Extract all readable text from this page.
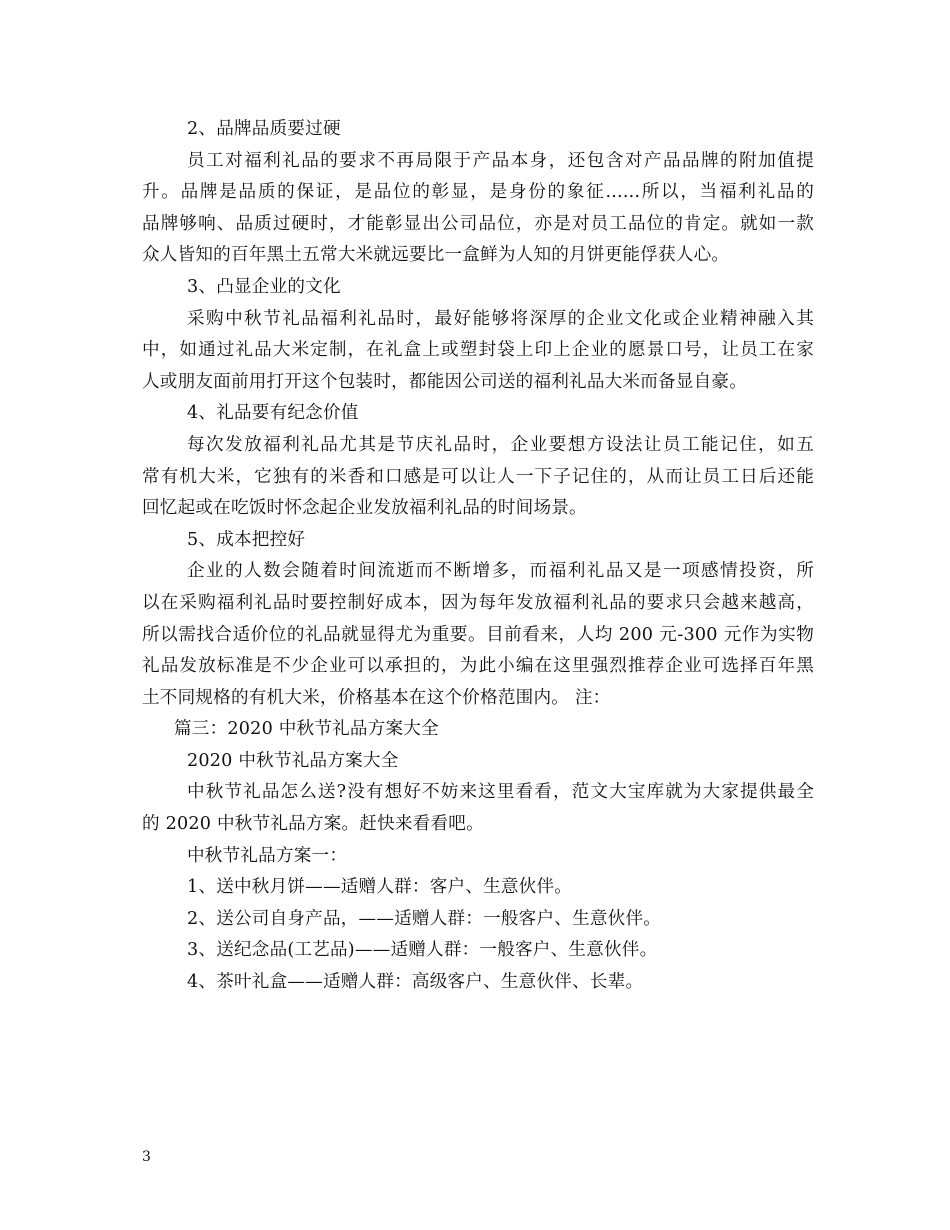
2、品牌品质要过硬
员工对福利礼品的要求不再局限于产品本身，还包含对产品品牌的附加值提
升。品牌是品质的保证，是品位的彰显，是身份的象征......所以，当福利礼品的
品牌够响、品质过硬时，才能彰显出公司品位，亦是对员工品位的肯定。就如一款
众人皆知的百年黑土五常大米就远要比一盒鲜为人知的月饼更能俘获人心。
3、凸显企业的文化
采购中秋节礼品福利礼品时，最好能够将深厚的企业文化或企业精神融入其
中，如通过礼品大米定制，在礼盒上或塑封袋上印上企业的愿景口号，让员工在家
人或朋友面前用打开这个包装时，都能因公司送的福利礼品大米而备显自豪。
4、礼品要有纪念价值
每次发放福利礼品尤其是节庆礼品时，企业要想方设法让员工能记住，如五
常有机大米，它独有的米香和口感是可以让人一下子记住的，从而让员工日后还能
回忆起或在吃饭时怀念起企业发放福利礼品的时间场景。
5、成本把控好
企业的人数会随着时间流逝而不断增多，而福利礼品又是一项感情投资，所
以在采购福利礼品时要控制好成本，因为每年发放福利礼品的要求只会越来越高，
所以需找合适价位的礼品就显得尤为重要。目前看来，人均 200 元-300 元作为实物
礼品发放标准是不少企业可以承担的，为此小编在这里强烈推荐企业可选择百年黑
土不同规格的有机大米，价格基本在这个价格范围内。 注：
篇三：2020 中秋节礼品方案大全
2020 中秋节礼品方案大全
中秋节礼品怎么送?没有想好不妨来这里看看，范文大宝库就为大家提供最全
的 2020 中秋节礼品方案。赶快来看看吧。
中秋节礼品方案一：
1、送中秋月饼——适赠人群：客户、生意伙伴。
2、送公司自身产品，——适赠人群：一般客户、生意伙伴。
3、送纪念品(工艺品)——适赠人群：一般客户、生意伙伴。
4、茶叶礼盒——适赠人群：高级客户、生意伙伴、长辈。
3
